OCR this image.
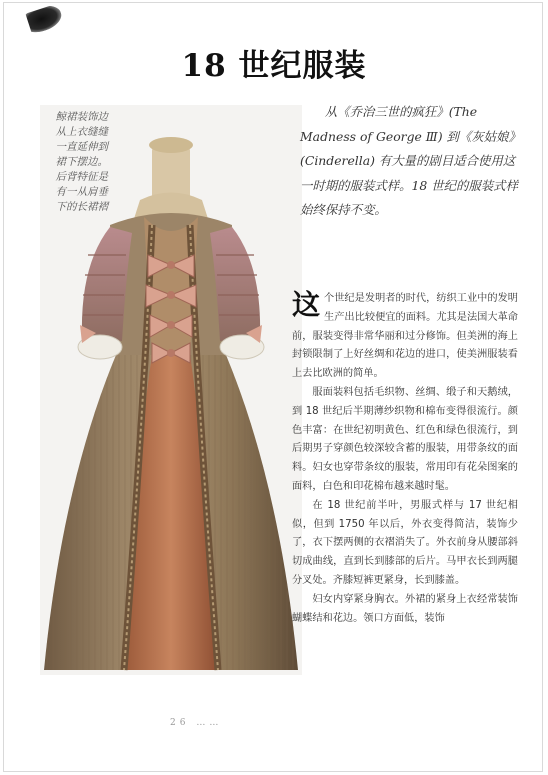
18 世纪服装
鲸裙装饰边从上衣缝缝一直延伸到裙下摆边。后背特征是有一从肩垂下的长裙褶
从《乔治三世的疯狂》(The Madness of George Ⅲ) 到《灰姑娘》(Cinderella) 有大量的剧目适合使用这一时期的服装式样。18 世纪的服装式样始终保持不变。

这个世纪是发明者的时代，纺织工业中的发明生产出比较便宜的面料。尤其是法国大革命前，服装变得非常华丽和过分修饰。但美洲的海上封锁限制了上好丝绸和花边的进口，使美洲服装看上去比欧洲的简单。

服面装料包括毛织物、丝绸、缎子和天鹅绒，到 18 世纪后半期薄纱织物和棉布变得很流行。颜色丰富：在世纪初明黄色、红色和绿色很流行，到后期男子穿颜色较深较含蓄的服装，用带条纹的面料。妇女也穿带条纹的服装，常用印有花朵图案的面料，白色和印花棉布越来越时髦。

在 18 世纪前半叶，男服式样与 17 世纪相似，但到 1750 年以后，外衣变得简洁，装饰少了，衣下摆两侧的衣褶消失了。外衣前身从腰部斜切成曲线，直到长到膝部的后片。马甲衣长到两腿分叉处。齐膝短裤更紧身，长到膝盖。

妇女内穿紧身胸衣。外裙的紧身上衣经常装饰蝴蝶结和花边。领口方面低，装饰

26 ……
